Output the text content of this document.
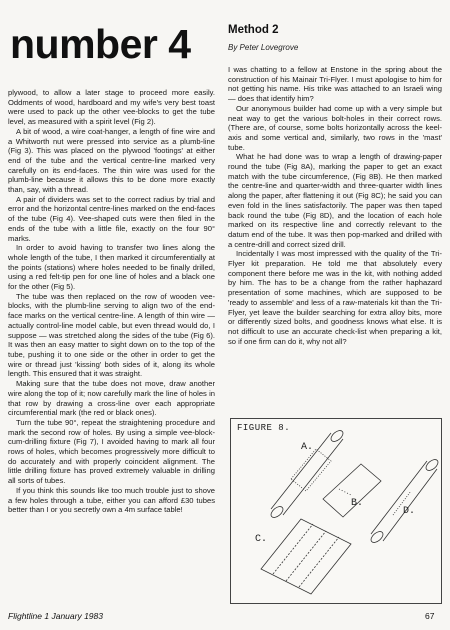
number 4

plywood, to allow a later stage to proceed more easily. Oddments of wood, hardboard and my wife's very best toast were used to pack up the other vee-blocks to get the tube level, as measured with a spirit level (Fig 2).

A bit of wood, a wire coat-hanger, a length of fine wire and a Whitworth nut were pressed into service as a plumb-line (Fig 3). This was placed on the plywood 'footings' at either end of the tube and the vertical centre-line marked very carefully on its end-faces. The thin wire was used for the plumb-line because it allows this to be done more exactly than, say, with a thread.

A pair of dividers was set to the correct radius by trial and error and the horizontal centre-lines marked on the end-faces of the tube (Fig 4). Vee-shaped cuts were then filed in the ends of the tube with a little file, exactly on the four 90° marks.

In order to avoid having to transfer two lines along the whole length of the tube, I then marked it circumferentially at the points (stations) where holes needed to be finally drilled, using a red felt-tip pen for one line of holes and a black one for the other (Fig 5).

The tube was then replaced on the row of wooden vee-blocks, with the plumb-line serving to align two of the end-face marks on the vertical centre-line. A length of thin wire — actually control-line model cable, but even thread would do, I suppose — was stretched along the sides of the tube (Fig 6). It was then an easy matter to sight down on to the top of the tube, pushing it to one side or the other in order to get the wire or thread just 'kissing' both sides of it, along its whole length. This ensured that it was straight.

Making sure that the tube does not move, draw another wire along the top of it; now carefully mark the line of holes in that row by drawing a cross-line over each appropriate circumferential mark (the red or black ones).

Turn the tube 90°, repeat the straightening procedure and mark the second row of holes. By using a simple vee-block-cum-drilling fixture (Fig 7), I avoided having to mark all four rows of holes, which becomes progressively more difficult to do accurately and with properly coincident alignment. The little drilling fixture has proved extremely valuable in drilling all sorts of tubes.

If you think this sounds like too much trouble just to shove a few holes through a tube, either you can afford £30 tubes better than I or you secretly own a 4m surface table!

Method 2
By Peter Lovegrove

I was chatting to a fellow at Enstone in the spring about the construction of his Mainair Tri-Flyer. I must apologise to him for not getting his name. His trike was attached to an Israeli wing — does that identify him?

Our anonymous builder had come up with a very simple but neat way to get the various bolt-holes in their correct rows. (There are, of course, some bolts horizontally across the keel-axis and some vertical and, similarly, two rows in the 'mast' tube.

What he had done was to wrap a length of drawing-paper round the tube (Fig 8A), marking the paper to get an exact match with the tube circumference, (Fig 8B). He then marked the centre-line and quarter-width and three-quarter width lines along the paper, after flattening it out (Fig 8C); he said you can even fold in the lines satisfactorily. The paper was then taped back round the tube (Fig 8D), and the location of each hole marked on its respective line and correctly relevant to the datum end of the tube. It was then pop-marked and drilled with a centre-drill and correct sized drill.

Incidentally I was most impressed with the quality of the Tri-Flyer kit preparation. He told me that absolutely every component there before me was in the kit, with nothing added by him. The has to be a change from the rather haphazard presentation of some machines, which are supposed to be 'ready to assemble' and less of a raw-materials kit than the Tri-Flyer, yet leave the builder searching for extra alloy bits, more or differently sized bolts, and goodness knows what else. It is not difficult to use an accurate check-list when preparing a kit, so if one firm can do it, why not all?

FIGURE 8.
A.
B.
C.
D.
Flightline 1 January 1983	67
